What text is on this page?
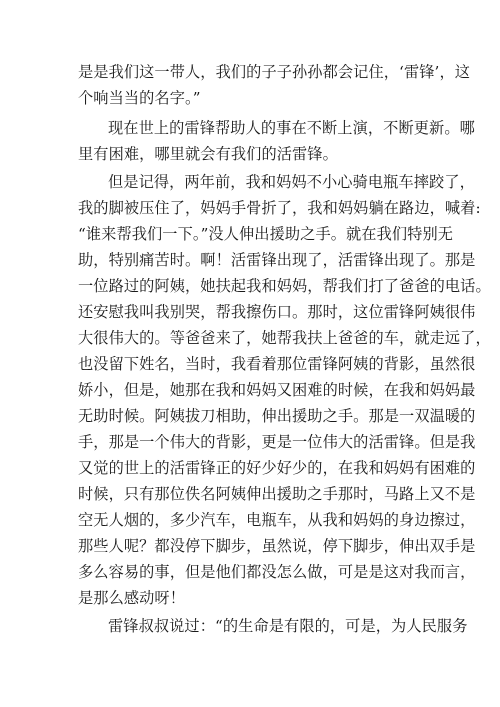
是是我们这一带人，我们的子子孙孙都会记住，‘雷锋’，这
个响当当的名字。”
现在世上的雷锋帮助人的事在不断上演，不断更新。哪
里有困难，哪里就会有我们的活雷锋。
但是记得，两年前，我和妈妈不小心骑电瓶车摔跤了，
我的脚被压住了，妈妈手骨折了，我和妈妈躺在路边，喊着:
“谁来帮我们一下。”没人伸出援助之手。就在我们特别无
助，特别痛苦时。啊！活雷锋出现了，活雷锋出现了。那是
一位路过的阿姨，她扶起我和妈妈，帮我们打了爸爸的电话。
还安慰我叫我别哭，帮我擦伤口。那时，这位雷锋阿姨很伟
大很伟大的。等爸爸来了，她帮我扶上爸爸的车，就走远了，
也没留下姓名，当时，我看着那位雷锋阿姨的背影，虽然很
娇小，但是，她那在我和妈妈又困难的时候，在我和妈妈最
无助时候。阿姨拔刀相助，伸出援助之手。那是一双温暖的
手，那是一个伟大的背影，更是一位伟大的活雷锋。但是我
又觉的世上的活雷锋正的好少好少的，在我和妈妈有困难的
时候，只有那位佚名阿姨伸出援助之手那时，马路上又不是
空无人烟的，多少汽车，电瓶车，从我和妈妈的身边擦过，
那些人呢？都没停下脚步，虽然说，停下脚步，伸出双手是
多么容易的事，但是他们都没怎么做，可是是这对我而言，
是那么感动呀！
雷锋叔叔说过：“的生命是有限的，可是，为人民服务
